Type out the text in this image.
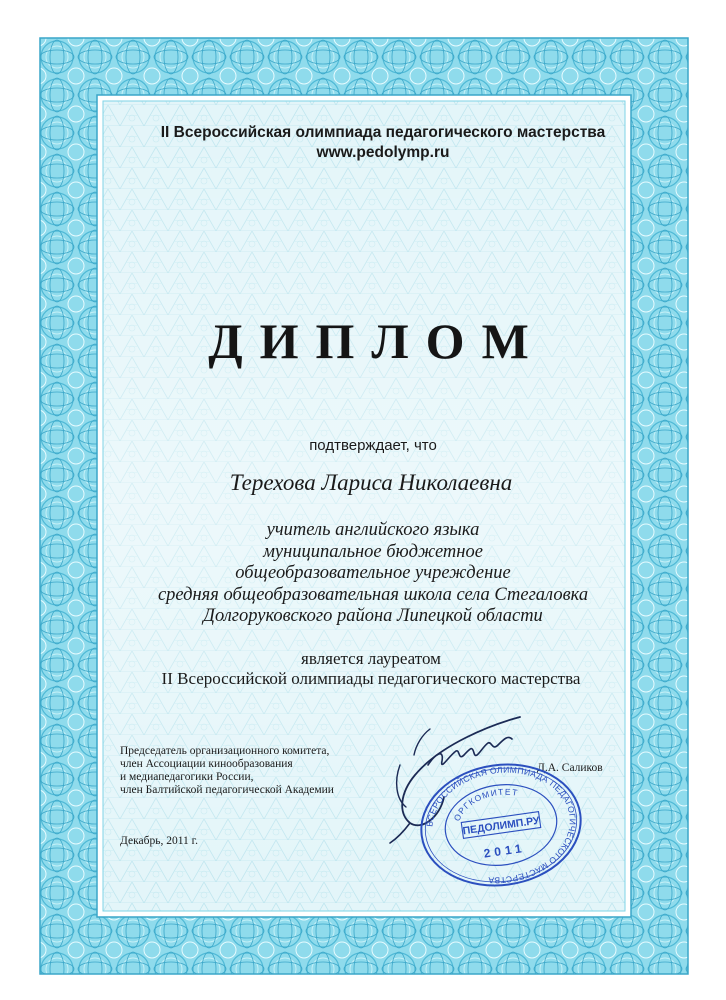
II Всероссийская олимпиада педагогического мастерства
www.pedolymp.ru
ДИПЛОМ
подтверждает, что
Терехова Лариса Николаевна
учитель английского языка
муниципальное бюджетное
общеобразовательное учреждение
средняя общеобразовательная школа села Стегаловка
Долгоруковского района Липецкой области
является лауреатом
II Всероссийской олимпиады педагогического мастерства
Председатель организационного комитета,
член Ассоциации кинообразования
и медиапедагогики России,
член Балтийской педагогической Академии
Д.А. Саликов
Декабрь, 2011 г.
ВСЕРОССИЙСКАЯ ОЛИМПИАДА ПЕДАГОГИЧЕСКОГО МАСТЕРСТВА
ОРГКОМИТЕТ
ПЕДОЛИМП.РУ
2011
